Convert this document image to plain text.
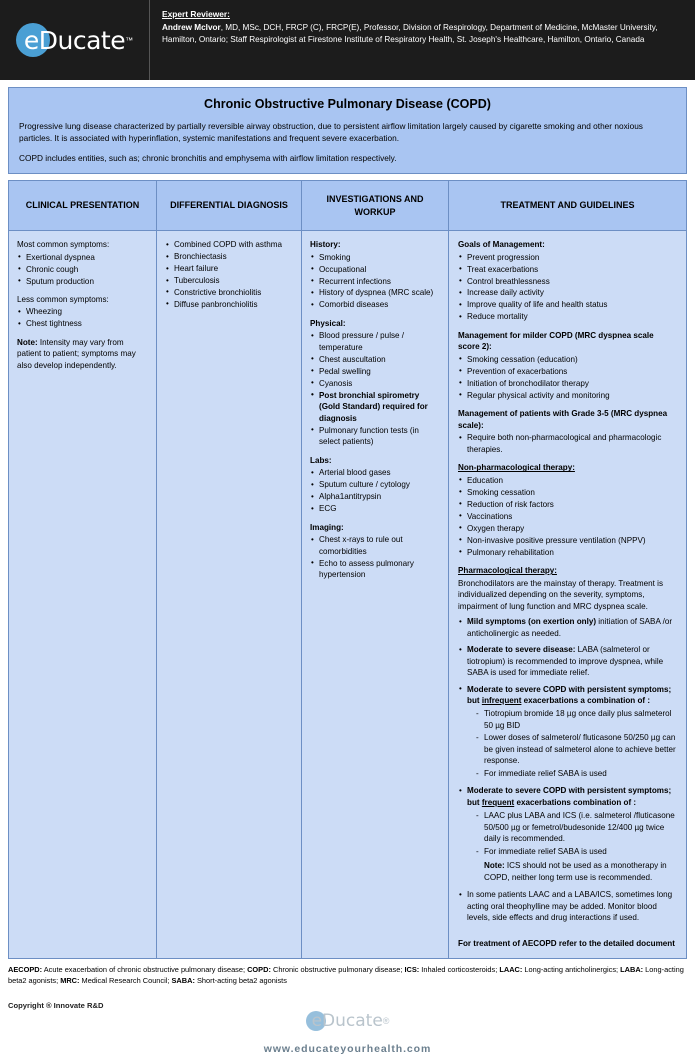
eDucate ™
Expert Reviewer:
Andrew McIvor, MD, MSc, DCH, FRCP (C), FRCP(E), Professor, Division of Respirology, Department of Medicine, McMaster University, Hamilton, Ontario; Staff Respirologist at Firestone Institute of Respiratory Health, St. Joseph's Healthcare, Hamilton, Ontario, Canada
Chronic Obstructive Pulmonary Disease (COPD)

Progressive lung disease characterized by partially reversible airway obstruction, due to persistent airflow limitation largely caused by cigarette smoking and other noxious particles. It is associated with hyperinflation, systemic manifestations and frequent severe exacerbation.

COPD includes entities, such as; chronic bronchitis and emphysema with airflow limitation respectively.

CLINICAL PRESENTATION
Most common symptoms:
• Exertional dyspnea
• Chronic cough
• Sputum production
Less common symptoms:
• Wheezing
• Chest tightness
Note: Intensity may vary from patient to patient; symptoms may also develop independently.
DIFFERENTIAL DIAGNOSIS
• Combined COPD with asthma
• Bronchiectasis
• Heart failure
• Tuberculosis
• Constrictive bronchiolitis
• Diffuse panbronchiolitis
INVESTIGATIONS AND WORKUP
History:
• Smoking
• Occupational
• Recurrent infections
• History of dyspnea (MRC scale)
• Comorbid diseases
Physical:
• Blood pressure / pulse / temperature
• Chest auscultation
• Pedal swelling
• Cyanosis
• Post bronchial spirometry (Gold Standard) required for diagnosis
• Pulmonary function tests (in select patients)
Labs:
• Arterial blood gases
• Sputum culture / cytology
• Alpha1antitrypsin
• ECG
Imaging:
• Chest x-rays to rule out comorbidities
• Echo to assess pulmonary hypertension
TREATMENT AND GUIDELINES
Goals of Management:
• Prevent progression
• Treat exacerbations
• Control breathlessness
• Increase daily activity
• Improve quality of life and health status
• Reduce mortality
Management for milder COPD (MRC dyspnea scale score 2):
• Smoking cessation (education)
• Prevention of exacerbations
• Initiation of bronchodilator therapy
• Regular physical activity and monitoring
Management of patients with Grade 3-5 (MRC dyspnea scale):
• Require both non-pharmacological and pharmacologic therapies.
Non-pharmacological therapy:
• Education
• Smoking cessation
• Reduction of risk factors
• Vaccinations
• Oxygen therapy
• Non-invasive positive pressure ventilation (NPPV)
• Pulmonary rehabilitation
Pharmacological therapy:

Bronchodilators are the mainstay of therapy. Treatment is individualized depending on the severity, symptoms, impairment of lung function and MRC dyspnea scale.

• Mild symptoms (on exertion only) initiation of SABA /or anticholinergic as needed.
• Moderate to severe disease: LABA (salmeterol or tiotropium) is recommended to improve dyspnea, while SABA is used for immediate relief.
• Moderate to severe COPD with persistent symptoms; but infrequent exacerbations a combination of :
- Tiotropium bromide 18 µg once daily plus salmeterol 50 µg BID
- Lower doses of salmeterol/ fluticasone 50/250 µg can be given instead of salmeterol alone to achieve better response.
- For immediate relief SABA is used
• Moderate to severe COPD with persistent symptoms; but frequent exacerbations combination of :
- LAAC plus LABA and ICS (i.e. salmeterol /fluticasone 50/500 µg or femetrol/budesonide 12/400 µg twice daily is recommended.
- For immediate relief SABA is used
Note: ICS should not be used as a monotherapy in COPD, neither long term use is recommended.
• In some patients LAAC and a LABA/ICS, sometimes long acting oral theophylline may be added. Monitor blood levels, side effects and drug interactions if used.
For treatment of AECOPD refer to the detailed document
AECOPD: Acute exacerbation of chronic obstructive pulmonary disease; COPD: Chronic obstructive pulmonary disease; ICS: Inhaled corticosteroids; LAAC: Long-acting anticholinergics; LABA: Long-acting beta2 agonists; MRC: Medical Research Council; SABA: Short-acting beta2 agonists
eDucate ®
www.educateyourhealth.com
Copyright ® Innovate R&D
